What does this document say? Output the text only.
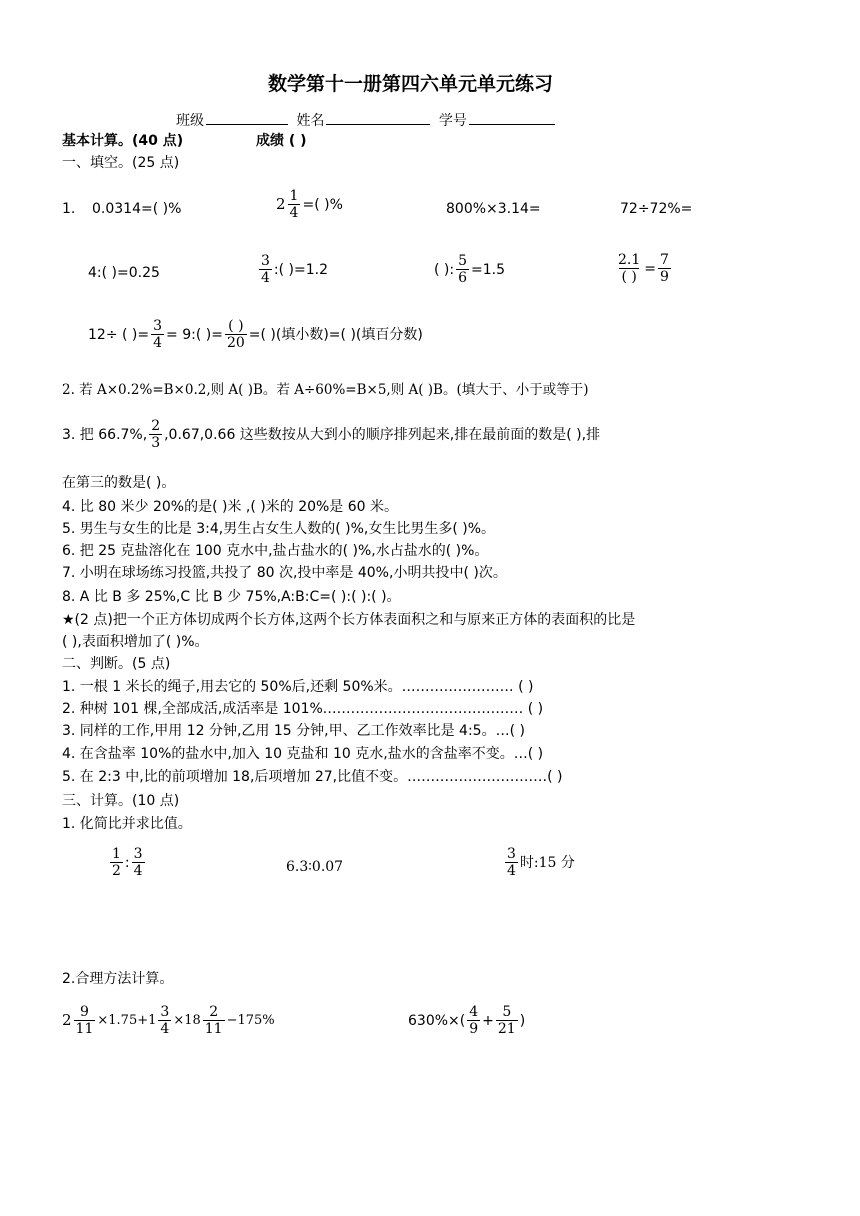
数学第十一册第四六单元单元练习
班级	姓名	学号
基本计算。(40 点)	成绩 ( )
一、填空。(25 点)
1. 0.0314=( )%	$2 \frac{1}{4}$ =( )%	800%×3.14=	72÷72%=
4:( )=0.25	$\frac{3}{4}$ :( )=1.2	( ): $\frac{5}{6} =1.5$	$\frac{2.1}{( )} = \frac{7}{9}$
12÷ ( )= $\frac{3}{4}$ = 9:( )= $\frac{( )}{20}$ =( )(填小数)=( )(填百分数)
2. 若 A×0.2%=B×0.2,则 A( )B。若 A÷60%=B×5,则 A( )B。(填大于、小于或等于)
3. 把 66.7%, $\frac{2}{3} ,0.67,0.66$ 这些数按从大到小的顺序排列起来,排在最前面的数是( ),排
在第三的数是( )。
4. 比 80 米少 20%的是( )米 ,( )米的 20%是 60 米。
5. 男生与女生的比是 3:4,男生占女生人数的( )%,女生比男生多( )%。
6. 把 25 克盐溶化在 100 克水中,盐占盐水的( )%,水占盐水的( )%。
7. 小明在球场练习投篮,共投了 80 次,投中率是 40%,小明共投中( )次。
8. A 比 B 多 25%,C 比 B 少 75%,A:B:C=( ):( ):( )。
★(2 点)把一个正方体切成两个长方体,这两个长方体表面积之和与原来正方体的表面积的比是
( ),表面积增加了( )%。
二、判断。(5 点)
1. 一根 1 米长的绳子,用去它的 50%后,还剩 50%米。…………………… ( )
2. 种树 101 棵,全部成活,成活率是 101%.…………………………………… ( )
3. 同样的工作,甲用 12 分钟,乙用 15 分钟,甲、乙工作效率比是 4:5。…( )
4. 在含盐率 10%的盐水中,加入 10 克盐和 10 克水,盐水的含盐率不变。…( )
5. 在 2:3 中,比的前项增加 18,后项增加 27,比值不变。…………………………( )
三、计算。(10 点)
1. 化简比并求比值。
$\frac{1}{2}$ : $\frac{3}{4}$	6.3∶0.07	$\frac{3}{4}$ 时:15 分
2.合理方法计算。
$2 \frac{9}{11} \times 1.75+1 \frac{3}{4} \times 18 \frac{2}{11} -175\%$	$630\%\times( \frac{4}{9} + \frac{5}{21}$ )
